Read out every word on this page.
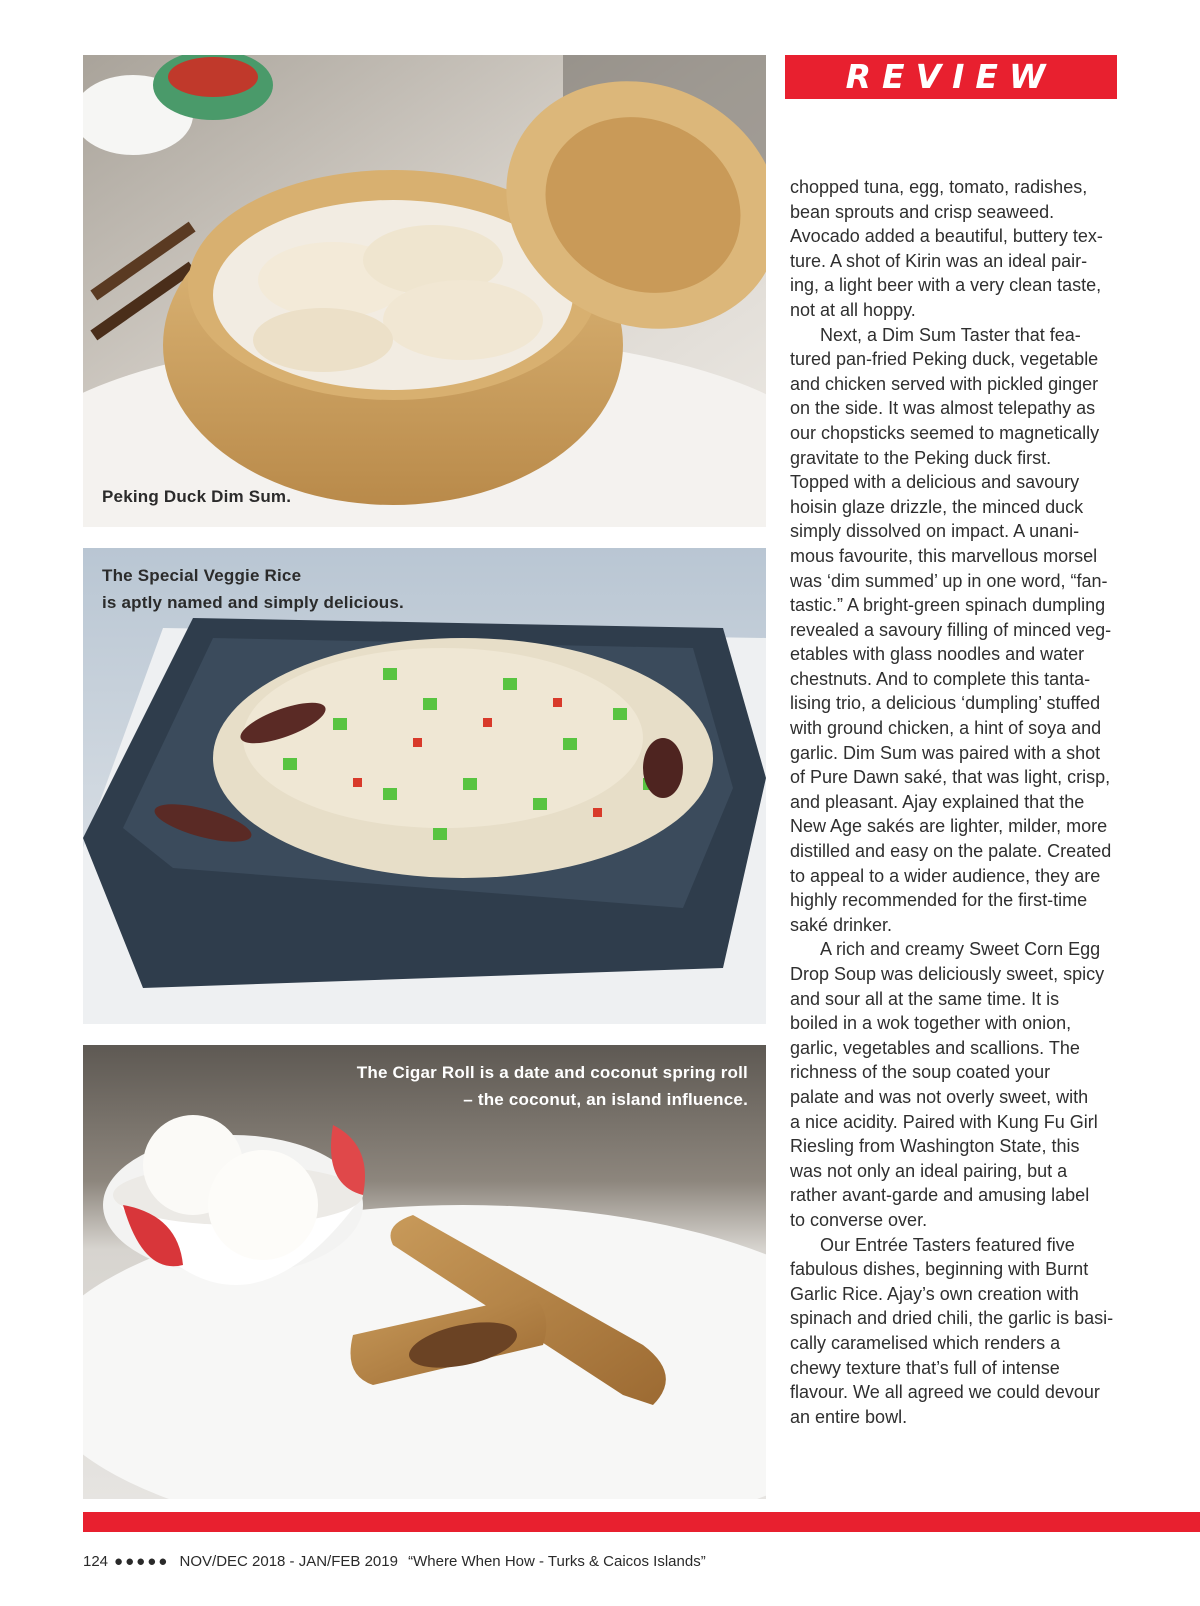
Peking Duck Dim Sum.
The Special Veggie Rice
is aptly named and simply delicious.
The Cigar Roll is a date and coconut spring roll
– the coconut, an island influence.
REVIEW
chopped tuna, egg, tomato, radishes,
bean sprouts and crisp seaweed.
Avocado added a beautiful, buttery tex-
ture. A shot of Kirin was an ideal pair-
ing, a light beer with a very clean taste,
not at all hoppy.
Next, a Dim Sum Taster that fea-
tured pan-fried Peking duck, vegetable
and chicken served with pickled ginger
on the side. It was almost telepathy as
our chopsticks seemed to magnetically
gravitate to the Peking duck first.
Topped with a delicious and savoury
hoisin glaze drizzle, the minced duck
simply dissolved on impact. A unani-
mous favourite, this marvellous morsel
was ‘dim summed’ up in one word, “fan-
tastic.” A bright-green spinach dumpling
revealed a savoury filling of minced veg-
etables with glass noodles and water
chestnuts. And to complete this tanta-
lising trio, a delicious ‘dumpling’ stuffed
with ground chicken, a hint of soya and
garlic. Dim Sum was paired with a shot
of Pure Dawn saké, that was light, crisp,
and pleasant. Ajay explained that the
New Age sakés are lighter, milder, more
distilled and easy on the palate. Created
to appeal to a wider audience, they are
highly recommended for the first-time
saké drinker.
A rich and creamy Sweet Corn Egg
Drop Soup was deliciously sweet, spicy
and sour all at the same time. It is
boiled in a wok together with onion,
garlic, vegetables and scallions. The
richness of the soup coated your
palate and was not overly sweet, with
a nice acidity. Paired with Kung Fu Girl
Riesling from Washington State, this
was not only an ideal pairing, but a
rather avant-garde and amusing label
to converse over.
Our Entrée Tasters featured five
fabulous dishes, beginning with Burnt
Garlic Rice. Ajay’s own creation with
spinach and dried chili, the garlic is basi-
cally caramelised which renders a
chewy texture that’s full of intense
flavour. We all agreed we could devour
an entire bowl.
124 ●●●●● NOV/DEC 2018 - JAN/FEB 2019 “Where When How - Turks & Caicos Islands”
